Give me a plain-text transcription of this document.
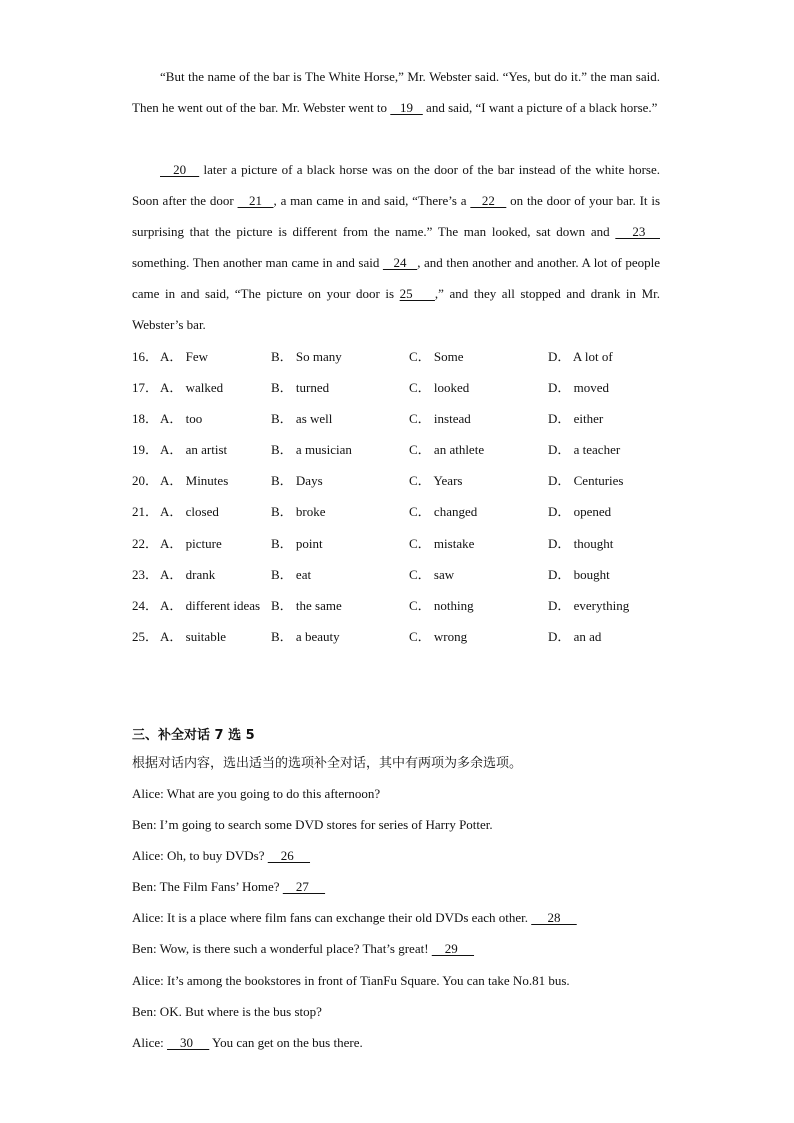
“But the name of the bar is The White Horse,” Mr. Webster said. “Yes, but do it.” the man said. Then he went out of the bar. Mr. Webster went to    19    and said, “I want a picture of a black horse.”
20    later a picture of a black horse was on the door of the bar instead of the white horse. Soon after the door    21   , a man came in and said, “There’s a    22    on the door of your bar. It is surprising that the picture is different from the name.” The man looked, sat down and    23    something. Then another man came in and said    24   , and then another and another. A lot of people came in and said, “The picture on your door is 25    ,” and they all stopped and drank in Mr. Webster’s bar.
16． A． Few	B． So many	C． Some	D． A lot of
17． A． walked	B． turned	C． looked	D． moved
18． A． too	B． as well	C． instead	D． either
19． A． an artist	B． a musician	C． an athlete	D． a teacher
20． A． Minutes	B． Days	C． Years	D． Centuries
21． A． closed	B． broke	C． changed	D． opened
22． A． picture	B． point	C． mistake	D． thought
23． A． drank	B． eat	C． saw	D． bought
24． A． different ideas B． the same	C． nothing	D． everything
25． A． suitable	B． a beauty	C． wrong	D． an ad
三、补全对话 7 选 5
根据对话内容，选出适当的选项补全对话，其中有两项为多余选项。
Alice: What are you going to do this afternoon?
Ben: I’m going to search some DVD stores for series of Harry Potter.
Alice: Oh, to buy DVDs?     26
Ben: The Film Fans’ Home?     27
Alice: It is a place where film fans can exchange their old DVDs each other.      28
Ben: Wow, is there such a wonderful place? That’s great!     29
Alice: It’s among the bookstores in front of TianFu Square. You can take No.81 bus.
Ben: OK. But where is the bus stop?
Alice:     30      You can get on the bus there.
